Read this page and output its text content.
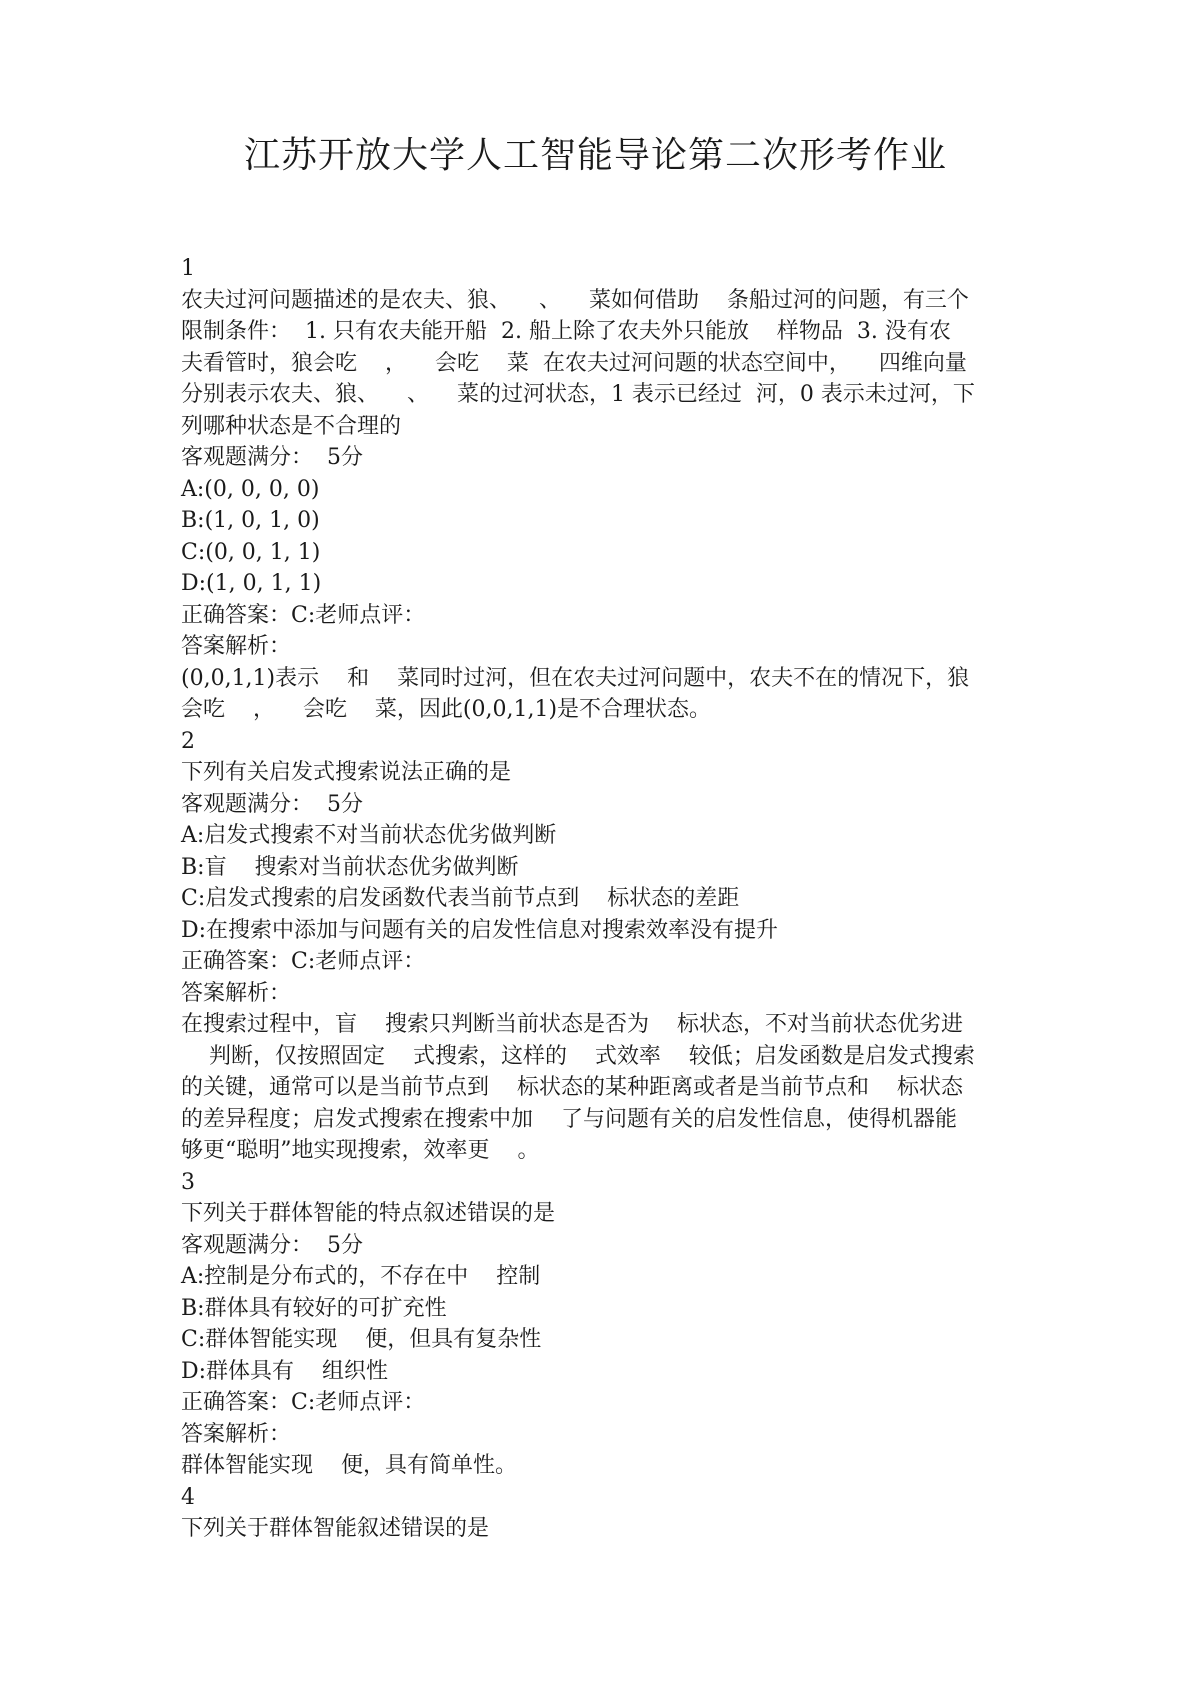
江苏开放大学人工智能导论第二次形考作业
1
农夫过河问题描述的是农夫、狼、    、    菜如何借助    条船过河的问题，有三个
限制条件：  1. 只有农夫能开船  2. 船上除了农夫外只能放    样物品  3. 没有农
夫看管时，狼会吃    ，    会吃    菜  在农夫过河问题的状态空间中，    四维向量
分别表示农夫、狼、    、    菜的过河状态，1 表示已经过  河，0 表示未过河，下
列哪种状态是不合理的
客观题满分：  5分
A:(0, 0, 0, 0)
B:(1, 0, 1, 0)
C:(0, 0, 1, 1)
D:(1, 0, 1, 1)
正确答案：C:老师点评：
答案解析：
(0,0,1,1)表示    和    菜同时过河，但在农夫过河问题中，农夫不在的情况下，狼
会吃    ，    会吃    菜，因此(0,0,1,1)是不合理状态。
2
下列有关启发式搜索说法正确的是
客观题满分：  5分
A:启发式搜索不对当前状态优劣做判断
B:盲    搜索对当前状态优劣做判断
C:启发式搜索的启发函数代表当前节点到    标状态的差距
D:在搜索中添加与问题有关的启发性信息对搜索效率没有提升
正确答案：C:老师点评：
答案解析：
在搜索过程中，盲    搜索只判断当前状态是否为    标状态，不对当前状态优劣进
判断，仅按照固定    式搜索，这样的    式效率    较低；启发函数是启发式搜索
的关键，通常可以是当前节点到    标状态的某种距离或者是当前节点和    标状态
的差异程度；启发式搜索在搜索中加    了与问题有关的启发性信息，使得机器能
够更“聪明”地实现搜索，效率更    。
3
下列关于群体智能的特点叙述错误的是
客观题满分：  5分
A:控制是分布式的，不存在中    控制
B:群体具有较好的可扩充性
C:群体智能实现    便，但具有复杂性
D:群体具有    组织性
正确答案：C:老师点评：
答案解析：
群体智能实现    便，具有简单性。
4
下列关于群体智能叙述错误的是
